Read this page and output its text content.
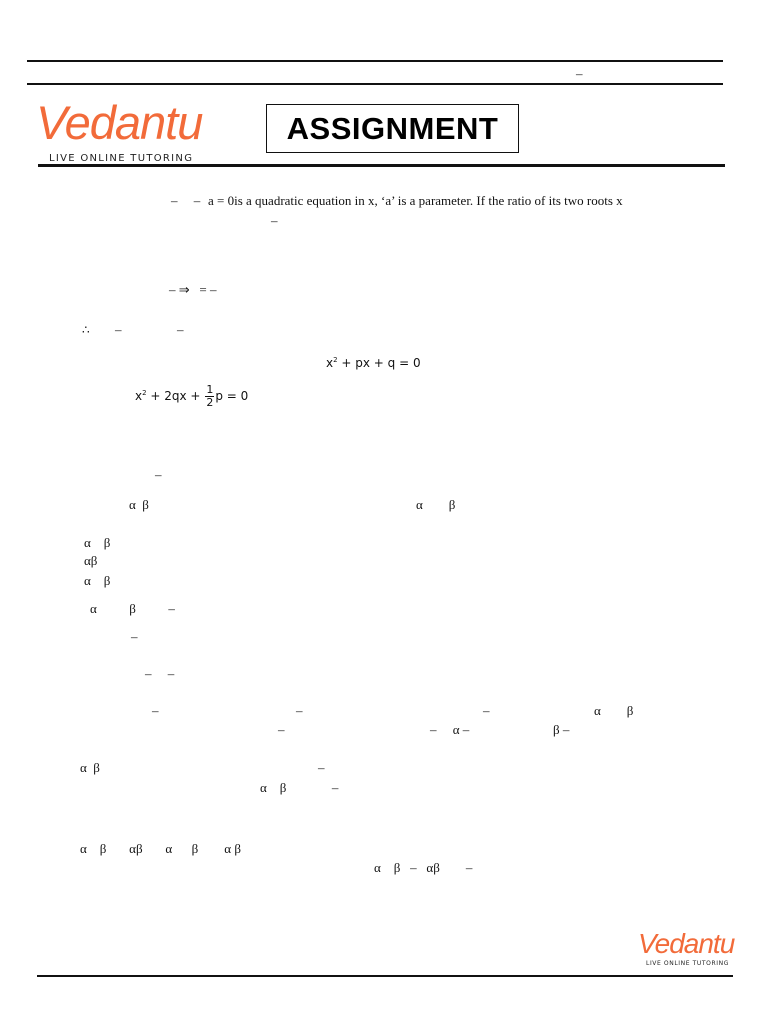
–
Vedantu
LIVE ONLINE TUTORING
ASSIGNMENT
–     – a = 0is a quadratic equation in x, ‘a’ is a parameter. If the ratio of its two roots x
–
– ⇒   = –
∴ –	–
$x^2$ + px + q = 0
$x^2 + 2qx + \frac{1}{2}$ p = 0
–
α  β	α        β
α    β
αβ
α    β
α          β          –
–
–     –
–	–	–	α        β
–	–     α –	β –
α  β	–
α    β              –
α    β       αβ       α      β        α β
α    β   –   αβ        –
Vedantu
LIVE ONLINE TUTORING
